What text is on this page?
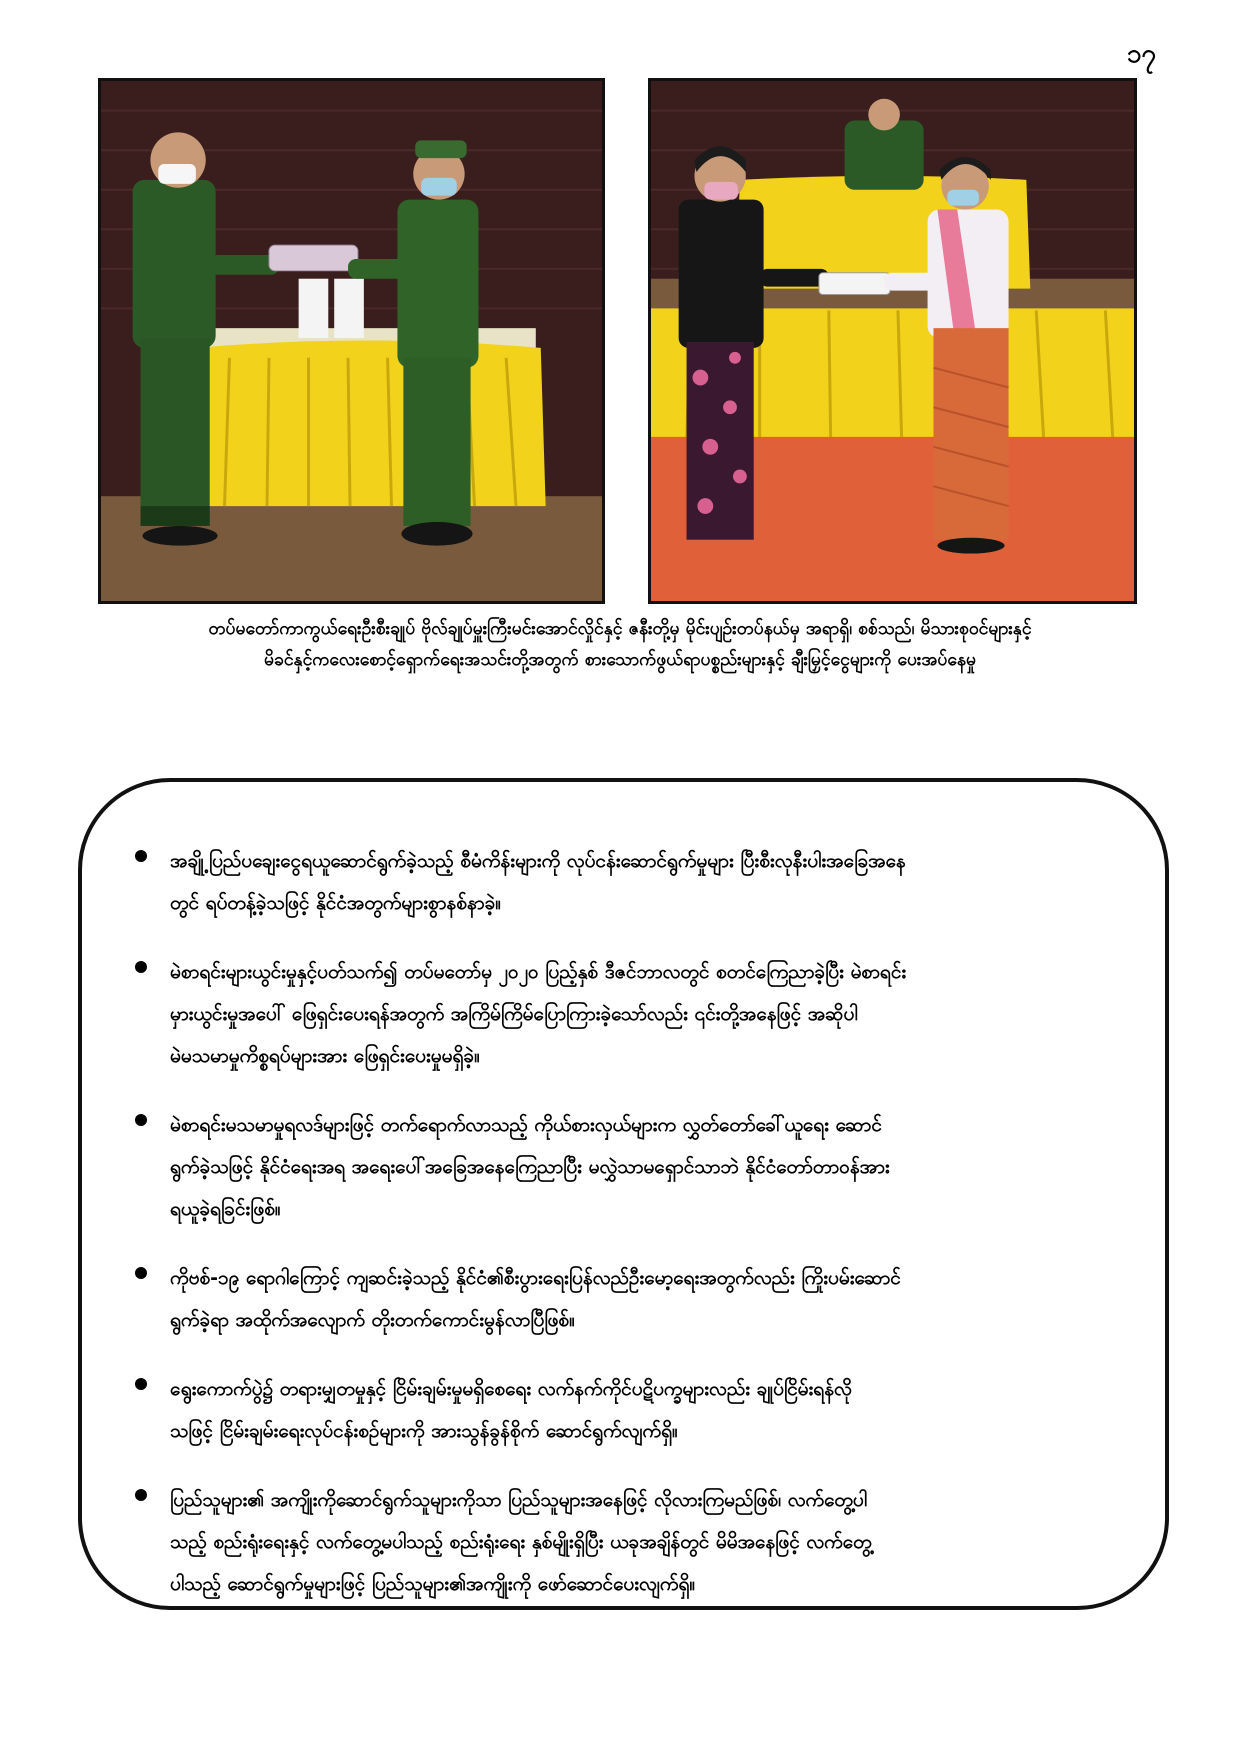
၁၇
တပ်မတော်ကာကွယ်ရေးဦးစီးချုပ် ဗိုလ်ချုပ်မှူးကြီးမင်းအောင်လှိုင်နှင့် ဇနီးတို့မှ မိုင်းပျဉ်းတပ်နယ်မှ အရာရှိ၊ စစ်သည်၊ မိသားစုဝင်များနှင့်
မိခင်နှင့်ကလေးစောင့်ရှောက်ရေးအသင်းတို့အတွက် စားသောက်ဖွယ်ရာပစ္စည်းများနှင့် ချီးမြှင့်ငွေများကို ပေးအပ်နေမှု
အချို့ပြည်ပချေးငွေရယူဆောင်ရွက်ခဲ့သည့် စီမံကိန်းများကို လုပ်ငန်းဆောင်ရွက်မှုများ ပြီးစီးလုနီးပါးအခြေအနေ
တွင် ရပ်တန့်ခဲ့သဖြင့် နိုင်ငံအတွက်များစွာနစ်နာခဲ့။
မဲစာရင်းများယွင်းမှုနှင့်ပတ်သက်၍ တပ်မတော်မှ ၂၀၂၀ ပြည့်နှစ် ဒီဇင်ဘာလတွင် စတင်ကြေညာခဲ့ပြီး မဲစာရင်း
မှားယွင်းမှုအပေါ် ဖြေရှင်းပေးရန်အတွက် အကြိမ်ကြိမ်ပြောကြားခဲ့သော်လည်း ၎င်းတို့အနေဖြင့် အဆိုပါ
မဲမသမာမှုကိစ္စရပ်များအား ဖြေရှင်းပေးမှုမရှိခဲ့။
မဲစာရင်းမသမာမှုရလဒ်များဖြင့် တက်ရောက်လာသည့် ကိုယ်စားလှယ်များက လွှတ်တော်ခေါ်ယူရေး ဆောင်
ရွက်ခဲ့သဖြင့် နိုင်ငံရေးအရ အရေးပေါ်အခြေအနေကြေညာပြီး မလွှဲသာမရှောင်သာဘဲ နိုင်ငံတော်တာဝန်အား
ရယူခဲ့ရခြင်းဖြစ်။
ကိုဗစ်-၁၉ ရောဂါကြောင့် ကျဆင်းခဲ့သည့် နိုင်ငံ၏စီးပွားရေးပြန်လည်ဦးမော့ရေးအတွက်လည်း ကြိုးပမ်းဆောင်
ရွက်ခဲ့ရာ အထိုက်အလျောက် တိုးတက်ကောင်းမွန်လာပြီဖြစ်။
ရွေးကောက်ပွဲ၌ တရားမျှတမှုနှင့် ငြိမ်းချမ်းမှုမရှိစေရေး လက်နက်ကိုင်ပဋိပက္ခများလည်း ချုပ်ငြိမ်းရန်လို
သဖြင့် ငြိမ်းချမ်းရေးလုပ်ငန်းစဉ်များကို အားသွန်ခွန်စိုက် ဆောင်ရွက်လျက်ရှိ။
ပြည်သူများ၏ အကျိုးကိုဆောင်ရွက်သူများကိုသာ ပြည်သူများအနေဖြင့် လိုလားကြမည်ဖြစ်၊ လက်တွေ့ပါ
သည့် စည်းရုံးရေးနှင့် လက်တွေ့မပါသည့် စည်းရုံးရေး နှစ်မျိုးရှိပြီး ယခုအချိန်တွင် မိမိအနေဖြင့် လက်တွေ့
ပါသည့် ဆောင်ရွက်မှုများဖြင့် ပြည်သူများ၏အကျိုးကို ဖော်ဆောင်ပေးလျက်ရှိ။
